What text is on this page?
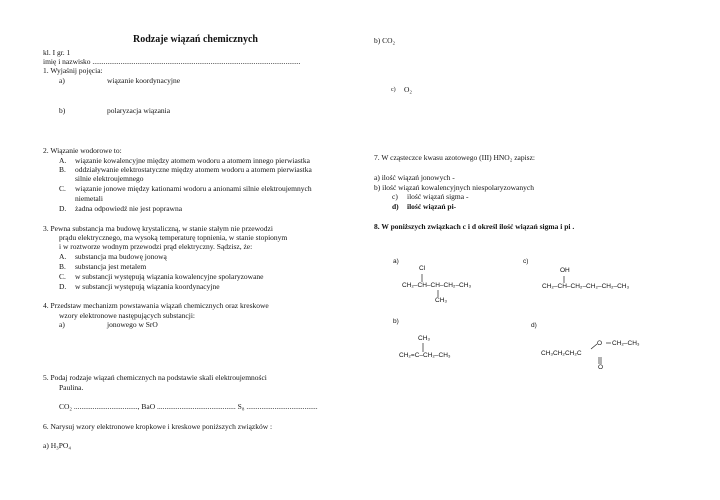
Rodzaje wiązań chemicznych
kl. I gr. 1
imię i nazwisko ...............................................................................................................
1. Wyjaśnij pojęcia:
a)	wiązanie koordynacyjne
b)	polaryzacja wiązania
2. Wiązanie wodorowe to:
A. wiązanie kowalencyjne między atomem wodoru a atomem innego pierwiastka
B. oddziaływanie elektrostatyczne między atomem wodoru a atomem pierwiastka
silnie elektroujemnego
C. wiązanie jonowe między kationami wodoru a anionami silnie elektroujemnych
niemetali
D. żadna odpowiedź nie jest poprawna
3. Pewna substancja ma budowę krystaliczną, w stanie stałym nie przewodzi
prądu elektrycznego, ma wysoką temperaturę topnienia, w stanie stopionym
i w roztworze wodnym przewodzi prąd elektryczny. Sądzisz, że:
A. substancja ma budowę jonową
B. substancja jest metalem
C. w substancji występują wiązania kowalencyjne spolaryzowane
D. w substancji występują wiązania koordynacyjne
4. Przedstaw mechanizm powstawania wiązań chemicznych oraz kreskowe
wzory elektronowe następujących substancji:
a)	jonowego w SrO
5. Podaj rodzaje wiązań chemicznych na podstawie skali elektroujemności
Paulina.
CO₂ .................................., BaO .......................................... S₈ ......................................
6. Narysuj wzory elektronowe kropkowe i kreskowe poniższych związków :
a) H₃PO₄
b) CO₂
c) O₂
7. W cząsteczce kwasu azotowego (III) HNO₂ zapisz:
a) ilość wiązań jonowych -
b) ilość wiązań kowalencyjnych niespolaryzowanych
c) ilość wiązań sigma -
d) ilość wiązań pi-
8. W poniższych związkach c i d określ ilość wiązań sigma i pi .
a)
Cl
CH₂–CH–CH–CH₂–CH₃
CH₃
c)
OH
CH₂–CH–CH₂–CH₂–CH₂–CH₃
b)
CH₃
CH₂=C–CH₂–CH₃
d)
CH₃CH₂CH₂C
O CH₂–CH₃
O
